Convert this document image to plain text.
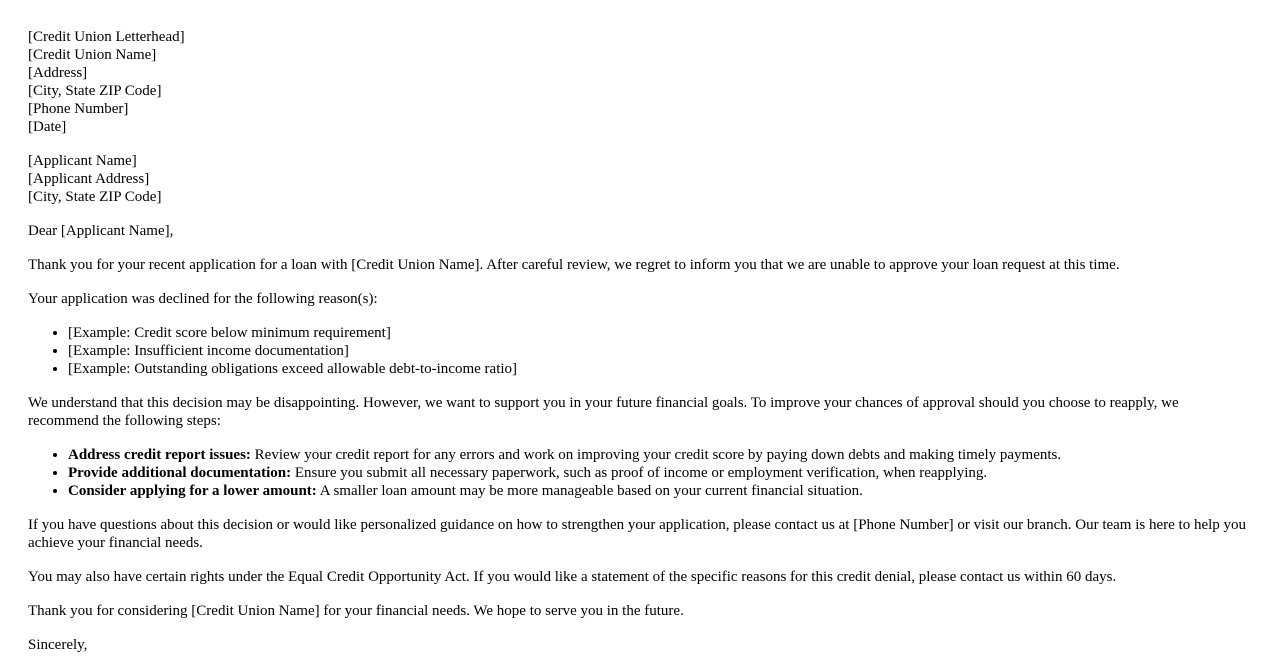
[Credit Union Letterhead]
[Credit Union Name]
[Address]
[City, State ZIP Code]
[Phone Number]
[Date]
[Applicant Name]
[Applicant Address]
[City, State ZIP Code]

Dear [Applicant Name],

Thank you for your recent application for a loan with [Credit Union Name]. After careful review, we regret to inform you that we are unable to approve your loan request at this time.

Your application was declined for the following reason(s):

• [Example: Credit score below minimum requirement]
• [Example: Insufficient income documentation]
• [Example: Outstanding obligations exceed allowable debt-to-income ratio]

We understand that this decision may be disappointing. However, we want to support you in your future financial goals. To improve your chances of approval should you choose to reapply, we recommend the following steps:

• Address credit report issues: Review your credit report for any errors and work on improving your credit score by paying down debts and making timely payments.
• Provide additional documentation: Ensure you submit all necessary paperwork, such as proof of income or employment verification, when reapplying.
• Consider applying for a lower amount: A smaller loan amount may be more manageable based on your current financial situation.

If you have questions about this decision or would like personalized guidance on how to strengthen your application, please contact us at [Phone Number] or visit our branch. Our team is here to help you achieve your financial needs.

You may also have certain rights under the Equal Credit Opportunity Act. If you would like a statement of the specific reasons for this credit denial, please contact us within 60 days.

Thank you for considering [Credit Union Name] for your financial needs. We hope to serve you in the future.

Sincerely,
